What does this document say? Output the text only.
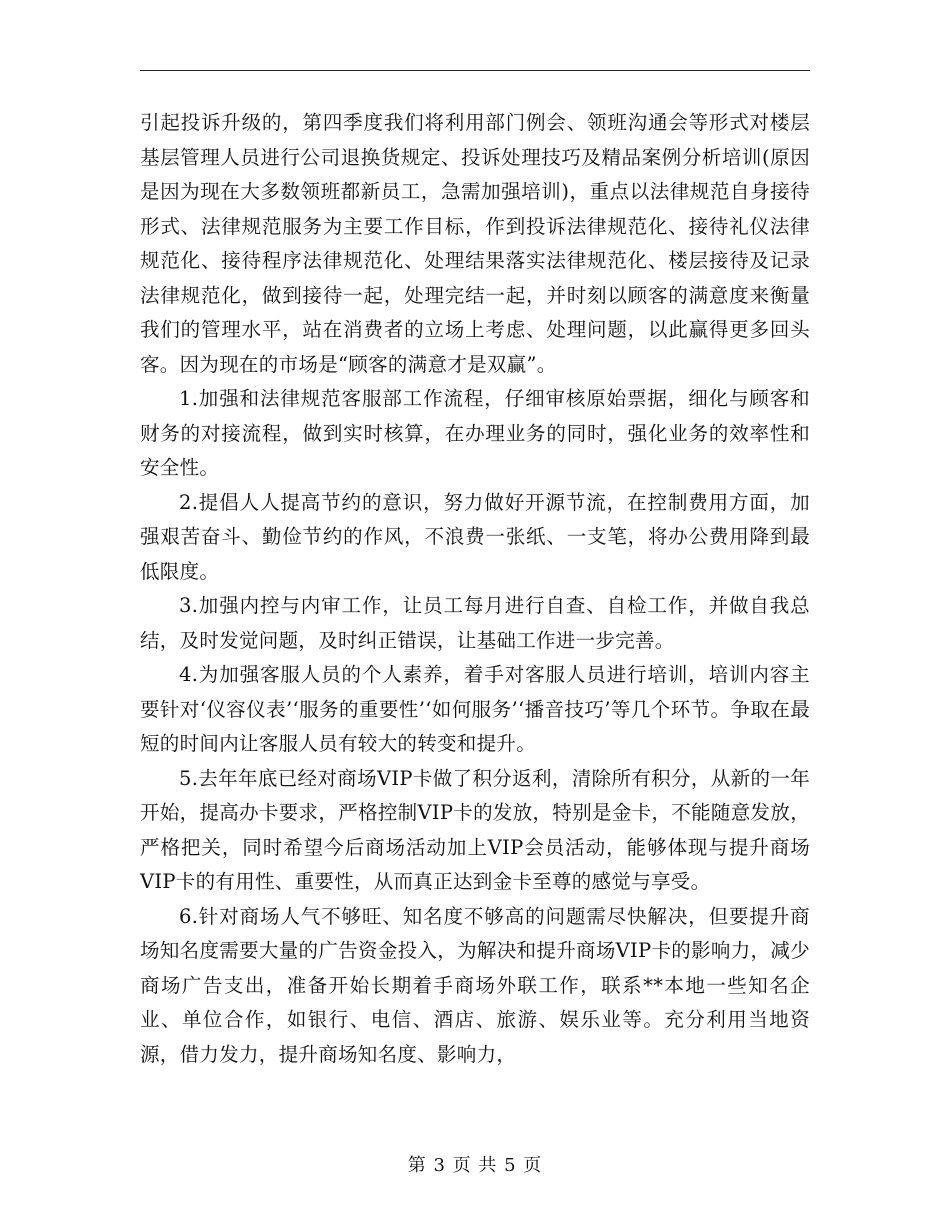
引起投诉升级的，第四季度我们将利用部门例会、领班沟通会等形式对楼层基层管理人员进行公司退换货规定、投诉处理技巧及精品案例分析培训(原因是因为现在大多数领班都新员工，急需加强培训)，重点以法律规范自身接待形式、法律规范服务为主要工作目标，作到投诉法律规范化、接待礼仪法律规范化、接待程序法律规范化、处理结果落实法律规范化、楼层接待及记录法律规范化，做到接待一起，处理完结一起，并时刻以顾客的满意度来衡量我们的管理水平，站在消费者的立场上考虑、处理问题，以此赢得更多回头客。因为现在的市场是“顾客的满意才是双赢”。

1.加强和法律规范客服部工作流程，仔细审核原始票据，细化与顾客和财务的对接流程，做到实时核算，在办理业务的同时，强化业务的效率性和安全性。

2.提倡人人提高节约的意识，努力做好开源节流，在控制费用方面，加强艰苦奋斗、勤俭节约的作风，不浪费一张纸、一支笔，将办公费用降到最低限度。

3.加强内控与内审工作，让员工每月进行自查、自检工作，并做自我总结，及时发觉问题，及时纠正错误，让基础工作进一步完善。

4.为加强客服人员的个人素养，着手对客服人员进行培训，培训内容主要针对‘仪容仪表’‘服务的重要性’‘如何服务’‘播音技巧’等几个环节。争取在最短的时间内让客服人员有较大的转变和提升。

5.去年年底已经对商场VIP卡做了积分返利，清除所有积分，从新的一年开始，提高办卡要求，严格控制VIP卡的发放，特别是金卡，不能随意发放，严格把关，同时希望今后商场活动加上VIP会员活动，能够体现与提升商场VIP卡的有用性、重要性，从而真正达到金卡至尊的感觉与享受。

6.针对商场人气不够旺、知名度不够高的问题需尽快解决，但要提升商场知名度需要大量的广告资金投入，为解决和提升商场VIP卡的影响力，减少商场广告支出，准备开始长期着手商场外联工作，联系**本地一些知名企业、单位合作，如银行、电信、酒店、旅游、娱乐业等。充分利用当地资源，借力发力，提升商场知名度、影响力，

第 3 页 共 5 页
